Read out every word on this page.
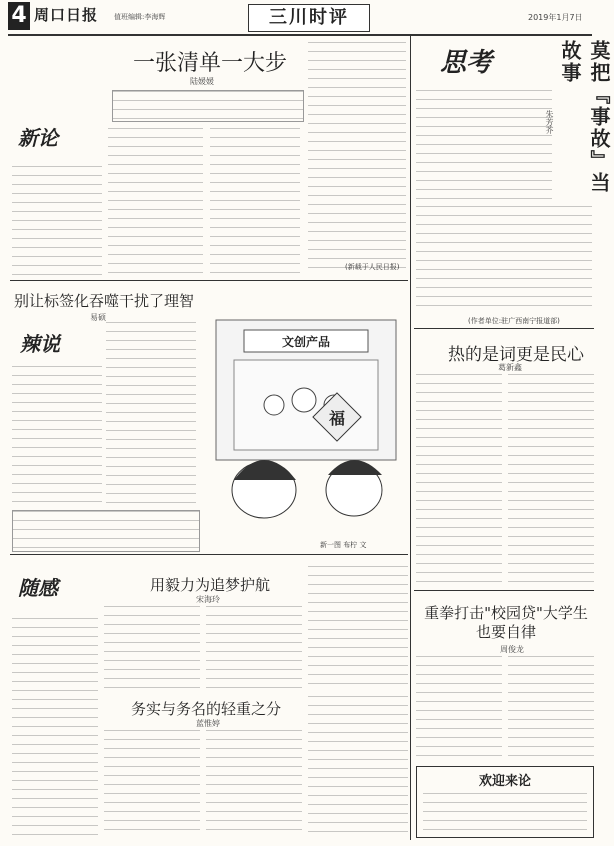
4 周口日报 值班编辑:李海辉	三川时评	2019年1月7日
一张清单一大步
陆媛媛
新论
(新载于人民日报)
别让标签化吞噬干扰了理智
易硕
辣说	文创产品
福
新一图 布柠 文
思考	莫把『事故』当故事
朱芳芥
(作者单位:驻广西南宁报道部)
热的是词更是民心
葛新鑫
随感	用毅力为追梦护航
宋海玲
务实与务名的轻重之分
蓝惟婷
重拳打击"校园贷"大学生也要自律
周俊龙
欢迎来论
